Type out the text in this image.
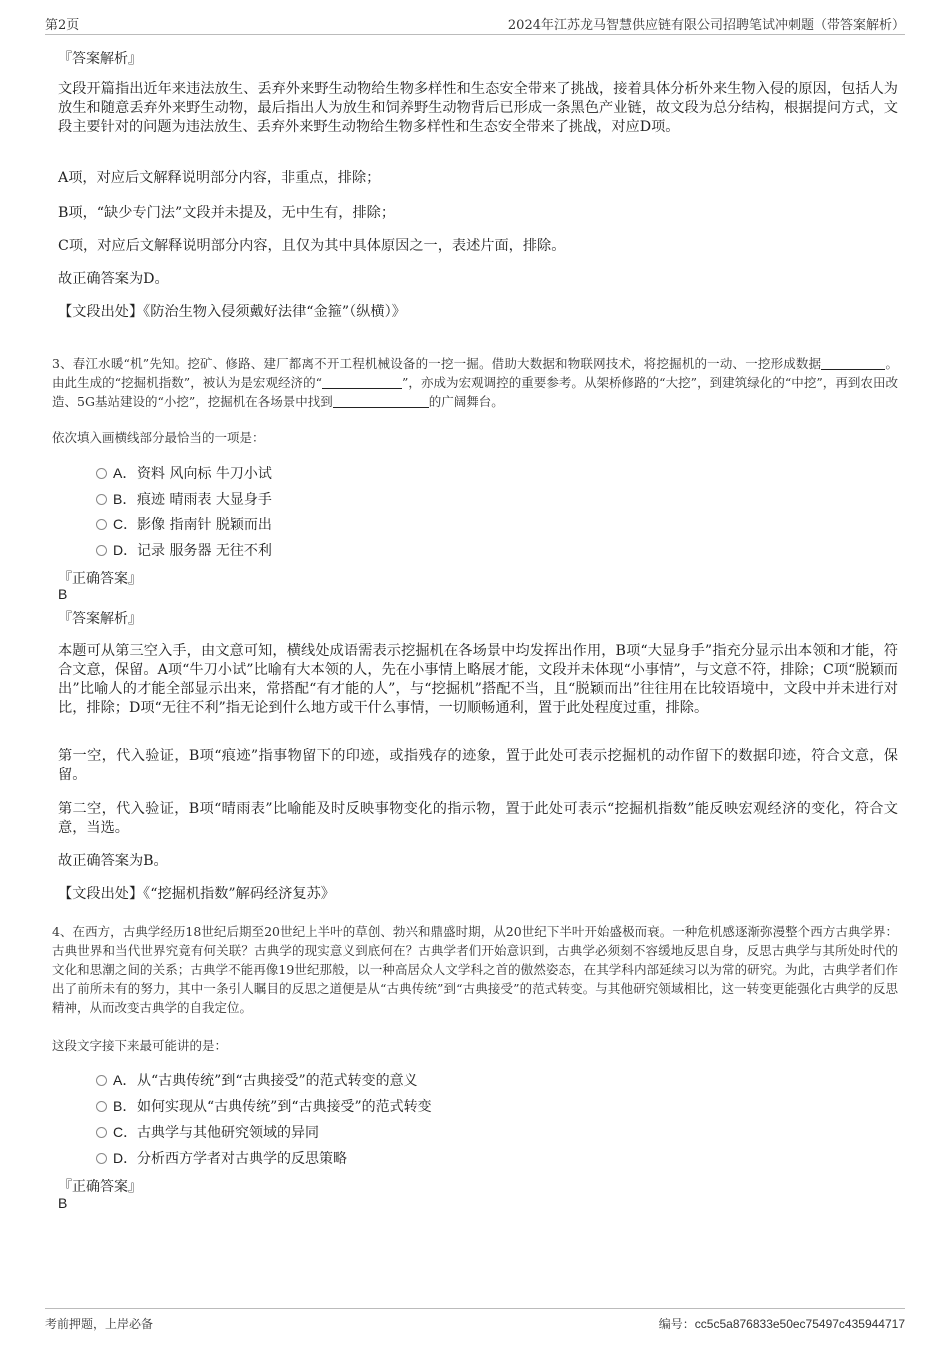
第2页	2024年江苏龙马智慧供应链有限公司招聘笔试冲刺题（带答案解析）
『答案解析』
文段开篇指出近年来违法放生、丢弃外来野生动物给生物多样性和生态安全带来了挑战，接着具体分析外来生物入侵的原因，包括人为放生和随意丢弃外来野生动物，最后指出人为放生和饲养野生动物背后已形成一条黑色产业链，故文段为总分结构，根据提问方式，文段主要针对的问题为违法放生、丢弃外来野生动物给生物多样性和生态安全带来了挑战，对应D项。
A项，对应后文解释说明部分内容，非重点，排除；
B项，“缺少专门法”文段并未提及，无中生有，排除；
C项，对应后文解释说明部分内容，且仅为其中具体原因之一，表述片面，排除。
故正确答案为D。
【文段出处】《防治生物入侵须戴好法律“金箍”（纵横）》
3、春江水暖“机”先知。挖矿、修路、建厂都离不开工程机械设备的一挖一掘。借助大数据和物联网技术，将挖掘机的一动、一挖形成数据	。由此生成的“挖掘机指数”，被认为是宏观经济的“	”，亦成为宏观调控的重要参考。从架桥修路的“大挖”，到建筑绿化的“中挖”，再到农田改造、5G基站建设的“小挖”，挖掘机在各场景中找到	的广阔舞台。
依次填入画横线部分最恰当的一项是：
A．资料 风向标 牛刀小试
B．痕迹 晴雨表 大显身手
C．影像 指南针 脱颖而出
D．记录 服务器 无往不利
『正确答案』
B
『答案解析』
本题可从第三空入手，由文意可知，横线处成语需表示挖掘机在各场景中均发挥出作用，B项“大显身手”指充分显示出本领和才能，符合文意，保留。A项“牛刀小试”比喻有大本领的人，先在小事情上略展才能，文段并未体现“小事情”，与文意不符，排除；C项“脱颖而出”比喻人的才能全部显示出来，常搭配“有才能的人”，与“挖掘机”搭配不当，且“脱颖而出”往往用在比较语境中，文段中并未进行对比，排除；D项“无往不利”指无论到什么地方或干什么事情，一切顺畅通利，置于此处程度过重，排除。
第一空，代入验证，B项“痕迹”指事物留下的印迹，或指残存的迹象，置于此处可表示挖掘机的动作留下的数据印迹，符合文意，保留。
第二空，代入验证，B项“晴雨表”比喻能及时反映事物变化的指示物，置于此处可表示“挖掘机指数”能反映宏观经济的变化，符合文意，当选。
故正确答案为B。
【文段出处】《“挖掘机指数”解码经济复苏》
4、在西方，古典学经历18世纪后期至20世纪上半叶的草创、勃兴和鼎盛时期，从20世纪下半叶开始盛极而衰。一种危机感逐渐弥漫整个西方古典学界：古典世界和当代世界究竟有何关联？古典学的现实意义到底何在？古典学者们开始意识到，古典学必须刻不容缓地反思自身，反思古典学与其所处时代的文化和思潮之间的关系；古典学不能再像19世纪那般，以一种高居众人文学科之首的傲然姿态，在其学科内部延续习以为常的研究。为此，古典学者们作出了前所未有的努力，其中一条引人瞩目的反思之道便是从“古典传统”到“古典接受”的范式转变。与其他研究领域相比，这一转变更能强化古典学的反思精神，从而改变古典学的自我定位。
这段文字接下来最可能讲的是：
A．从“古典传统”到“古典接受”的范式转变的意义
B．如何实现从“古典传统”到“古典接受”的范式转变
C．古典学与其他研究领域的异同
D．分析西方学者对古典学的反思策略
『正确答案』
B
考前押题，上岸必备	编号：cc5c5a876833e50ec75497c435944717
